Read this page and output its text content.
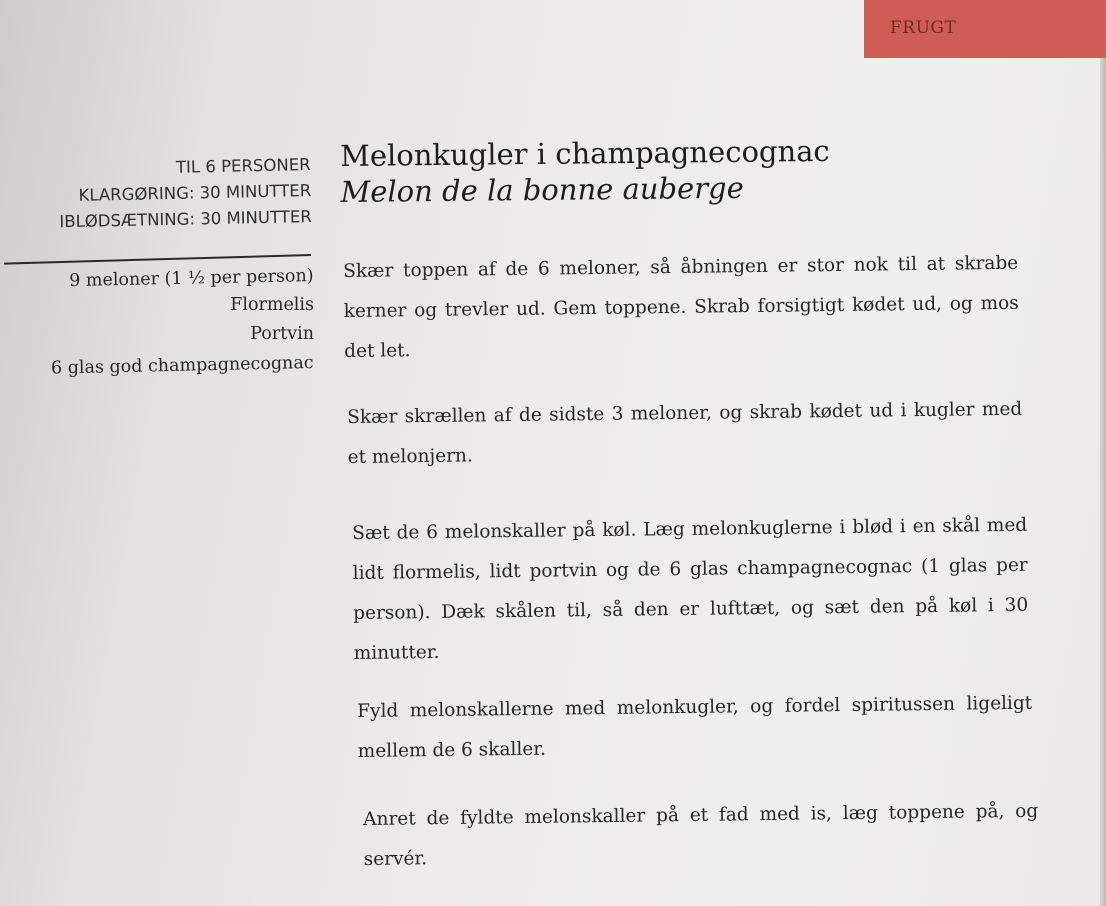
FRUGT
TIL 6 PERSONER
KLARGØRING: 30 MINUTTER
IBLØDSÆTNING: 30 MINUTTER
9 meloner (1 ½ per person)
Flormelis
Portvin
6 glas god champagnecognac
Melonkugler i champagnecognac
Melon de la bonne auberge
Skær toppen af de 6 meloner, så åbningen er stor nok til at skrabe kerner og trevler ud. Gem toppene. Skrab forsigtigt kødet ud, og mos det let.
Skær skrællen af de sidste 3 meloner, og skrab kødet ud i kugler med et melonjern.
Sæt de 6 melonskaller på køl. Læg melonkuglerne i blød i en skål med lidt flormelis, lidt portvin og de 6 glas champagnecognac (1 glas per person). Dæk skålen til, så den er lufttæt, og sæt den på køl i 30 minutter.
Fyld melonskallerne med melonkugler, og fordel spiritussen ligeligt mellem de 6 skaller.
Anret de fyldte melonskaller på et fad med is, læg toppene på, og servér.
